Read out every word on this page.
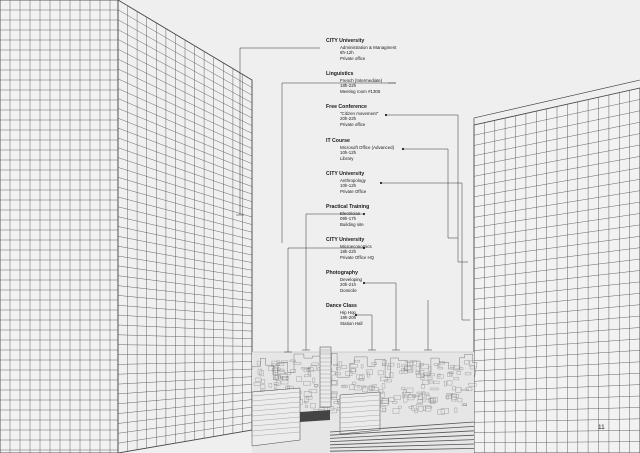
CITY University
Administration & Managment
8h-12h
Private office
Linguistics
French (Intermediate)
18h-22h
Meeting room #1305
Free Conference
"Citizen movement"
20h-22h
Private office
IT Course
Microsoft Office (Advanced)
10h-12h
Library
CITY University
Anthropology
10h-12h
Private Office
Practical Training
Electrician
09h-17h
Building site
CITY University
Microeconomics
18h-22h
Private Office HQ
Photography
Developing
20h-21h
Domicile
Dance Class
Hip Hop
19h-20h
Station Hall
11
